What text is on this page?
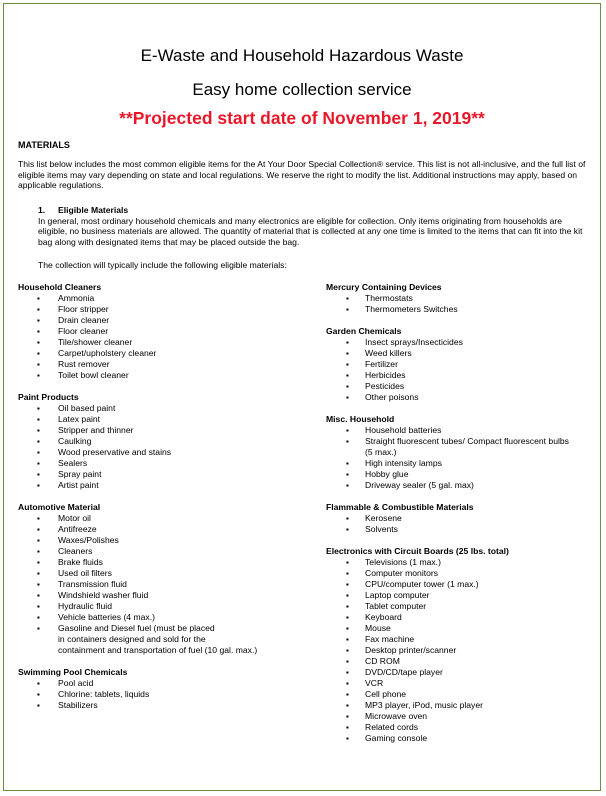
E-Waste and Household Hazardous Waste
Easy home collection service
**Projected start date of November 1, 2019**
MATERIALS
This list below includes the most common eligible items for the At Your Door Special Collection® service. This list is not all-inclusive, and the full list of eligible items may vary depending on state and local regulations. We reserve the right to modify the list. Additional instructions may apply, based on applicable regulations.
1. Eligible Materials
In general, most ordinary household chemicals and many electronics are eligible for collection. Only items originating from households are eligible, no business materials are allowed. The quantity of material that is collected at any one time is limited to the items that can fit into the kit bag along with designated items that may be placed outside the bag.
The collection will typically include the following eligible materials:
Household Cleaners
▪ Ammonia
▪ Floor stripper
▪ Drain cleaner
▪ Floor cleaner
▪ Tile/shower cleaner
▪ Carpet/upholstery cleaner
▪ Rust remover
▪ Toilet bowl cleaner
Paint Products
▪ Oil based paint
▪ Latex paint
▪ Stripper and thinner
▪ Caulking
▪ Wood preservative and stains
▪ Sealers
▪ Spray paint
▪ Artist paint
Automotive Material
▪ Motor oil
▪ Antifreeze
▪ Waxes/Polishes
▪ Cleaners
▪ Brake fluids
▪ Used oil filters
▪ Transmission fluid
▪ Windshield washer fluid
▪ Hydraulic fluid
▪ Vehicle batteries (4 max.)
▪ Gasoline and Diesel fuel (must be placed
in containers designed and sold for the
containment and transportation of fuel (10 gal. max.)
Swimming Pool Chemicals
▪ Pool acid
▪ Chlorine: tablets, liquids
▪ Stabilizers
Mercury Containing Devices
▪ Thermostats
▪ Thermometers Switches
Garden Chemicals
▪ Insect sprays/Insecticides
▪ Weed killers
▪ Fertilizer
▪ Herbicides
▪ Pesticides
▪ Other poisons
Misc. Household
▪ Household batteries
▪ Straight fluorescent tubes/ Compact fluorescent bulbs
(5 max.)
▪ High intensity lamps
▪ Hobby glue
▪ Driveway sealer (5 gal. max)
Flammable & Combustible Materials
▪ Kerosene
▪ Solvents
Electronics with Circuit Boards (25 lbs. total)
▪ Televisions (1 max.)
▪ Computer monitors
▪ CPU/computer tower (1 max.)
▪ Laptop computer
▪ Tablet computer
▪ Keyboard
▪ Mouse
▪ Fax machine
▪ Desktop printer/scanner
▪ CD ROM
▪ DVD/CD/tape player
▪ VCR
▪ Cell phone
▪ MP3 player, iPod, music player
▪ Microwave oven
▪ Related cords
▪ Gaming console
